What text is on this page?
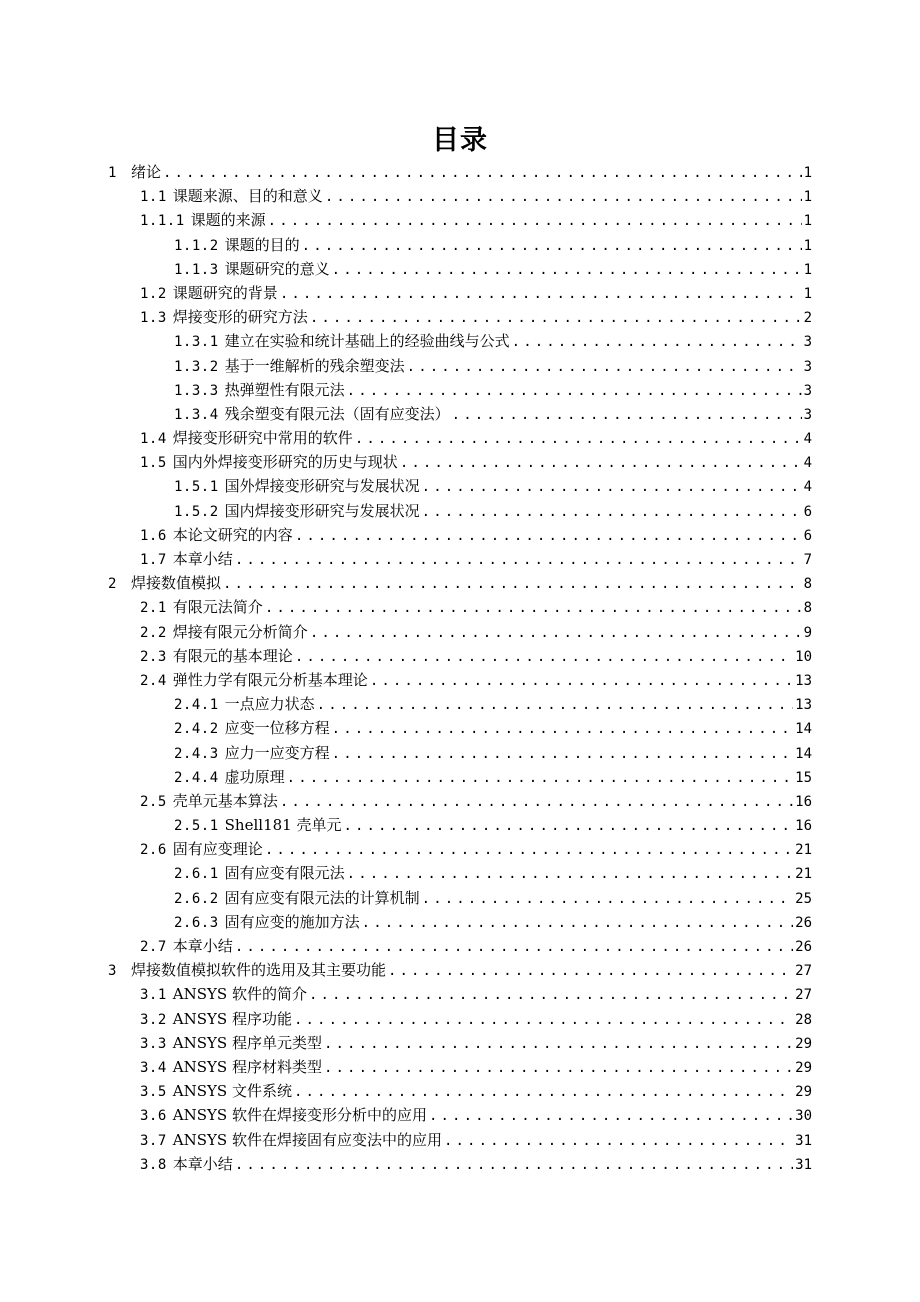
目录
1 绪论 .....	1
1.1 课题来源、目的和意义 .....	1
1.1.1 课题的来源 .....	1
1.1.2 课题的目的 .....	1
1.1.3 课题研究的意义 .....	1
1.2 课题研究的背景 .....	1
1.3 焊接变形的研究方法 .....	2
1.3.1 建立在实验和统计基础上的经验曲线与公式 .....	3
1.3.2 基于一维解析的残余塑变法 .....	3
1.3.3 热弹塑性有限元法 .....	3
1.3.4 残余塑变有限元法（固有应变法） .....	3
1.4 焊接变形研究中常用的软件 .....	4
1.5 国内外焊接变形研究的历史与现状 .....	4
1.5.1 国外焊接变形研究与发展状况 .....	4
1.5.2 国内焊接变形研究与发展状况 .....	6
1.6 本论文研究的内容 .....	6
1.7 本章小结 .....	7
2 焊接数值模拟 .....	8
2.1 有限元法简介 .....	8
2.2 焊接有限元分析简介 .....	9
2.3 有限元的基本理论 .....	10
2.4 弹性力学有限元分析基本理论 .....	13
2.4.1 一点应力状态 .....	13
2.4.2 应变一位移方程 .....	14
2.4.3 应力一应变方程 .....	14
2.4.4 虚功原理 .....	15
2.5 壳单元基本算法 .....	16
2.5.1 Shell181 壳单元 .....	16
2.6 固有应变理论 .....	21
2.6.1 固有应变有限元法 .....	21
2.6.2 固有应变有限元法的计算机制 .....	25
2.6.3 固有应变的施加方法 .....	26
2.7 本章小结 .....	26
3 焊接数值模拟软件的选用及其主要功能 .....	27
3.1 ANSYS 软件的简介 .....	27
3.2 ANSYS 程序功能 .....	28
3.3 ANSYS 程序单元类型 .....	29
3.4 ANSYS 程序材料类型 .....	29
3.5 ANSYS 文件系统 .....	29
3.6 ANSYS 软件在焊接变形分析中的应用 .....	30
3.7 ANSYS 软件在焊接固有应变法中的应用 .....	31
3.8 本章小结 .....	31
